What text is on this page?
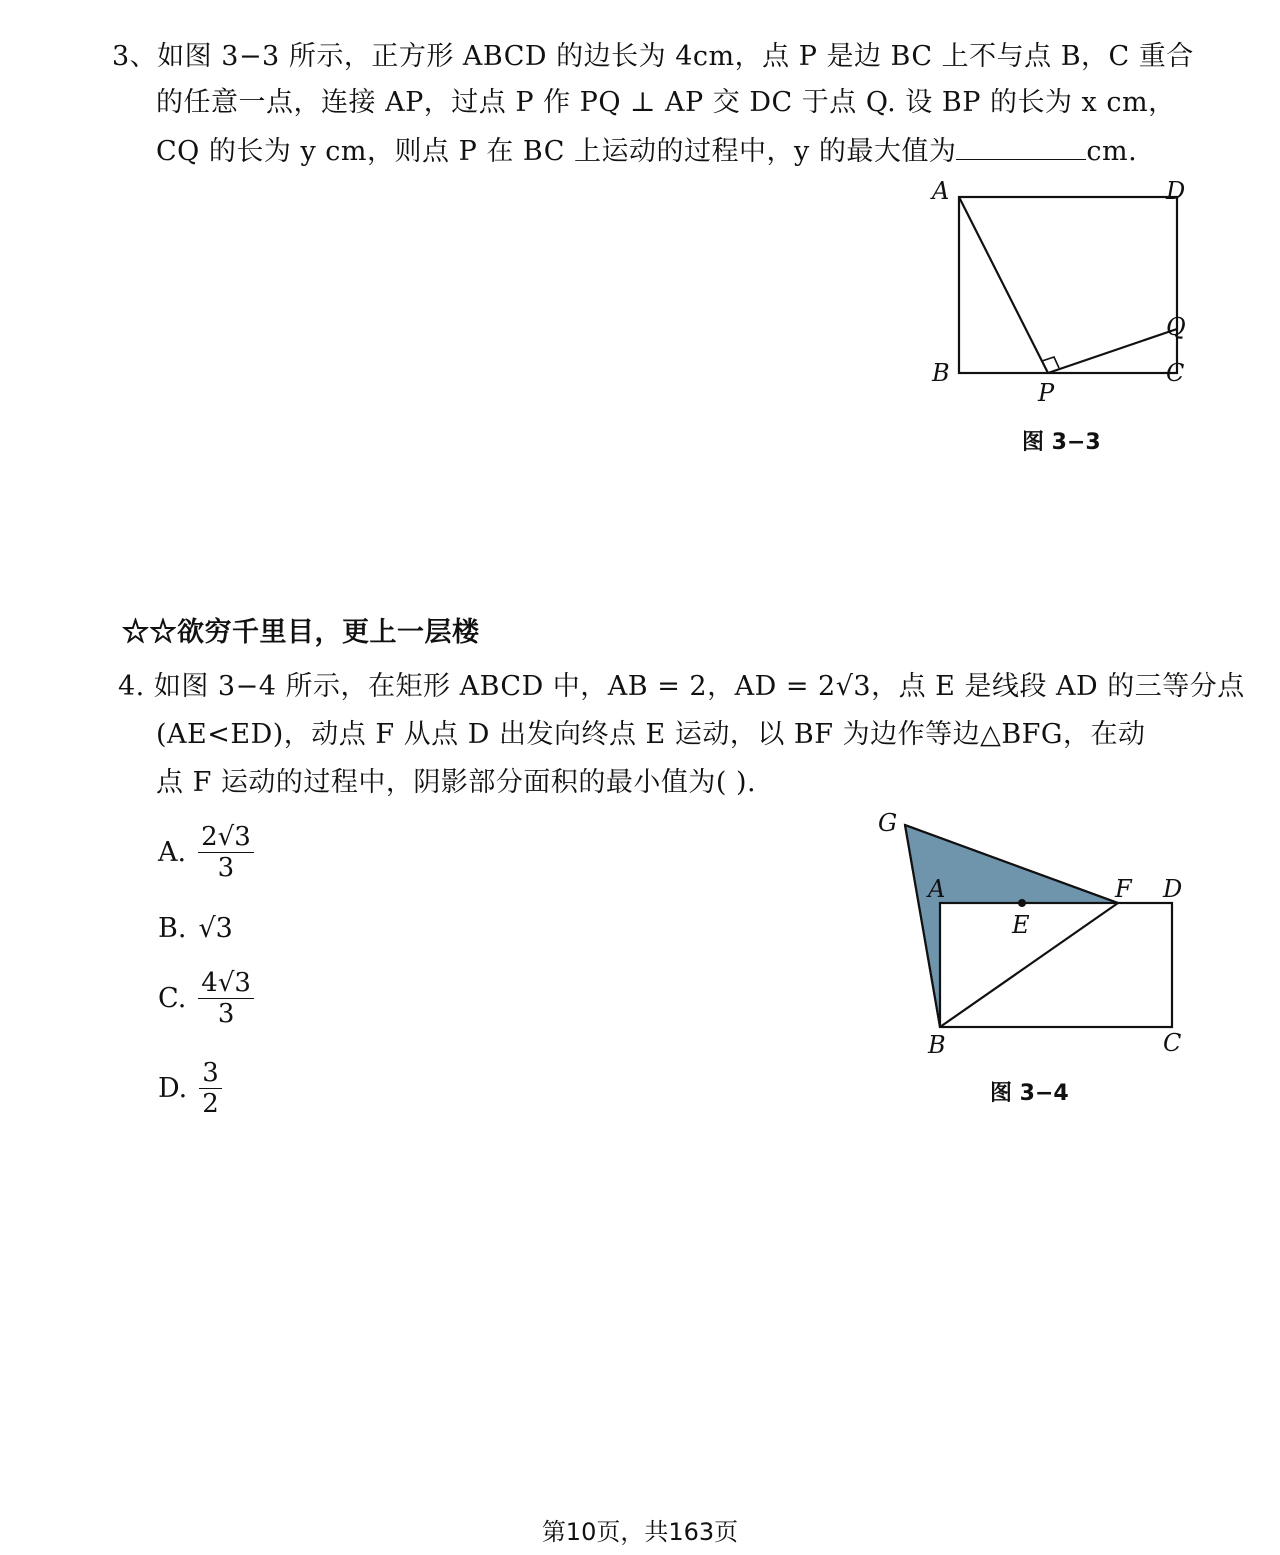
3、如图 3−3 所示，正方形 ABCD 的边长为 4cm，点 P 是边 BC 上不与点 B，C 重合
的任意一点，连接 AP，过点 P 作 PQ ⊥ AP 交 DC 于点 Q. 设 BP 的长为 x cm，
CQ 的长为 y cm，则点 P 在 BC 上运动的过程中，y 的最大值为	cm.
A	D
Q
B	C
P
图 3−3
☆☆欲穷千里目，更上一层楼
4. 如图 3−4 所示，在矩形 ABCD 中，AB = 2，AD = 2√3，点 E 是线段 AD 的三等分点
(AE<ED)，动点 F 从点 D 出发向终点 E 运动，以 BF 为边作等边△BFG，在动
点 F 运动的过程中，阴影部分面积的最小值为( ).
A. $\frac{2√3}{3}$
B. √3
C. $\frac{4√3}{3}$
D. $\frac{3}{2}$
G
A
E
F D
B	C
图 3−4
第10页，共163页
